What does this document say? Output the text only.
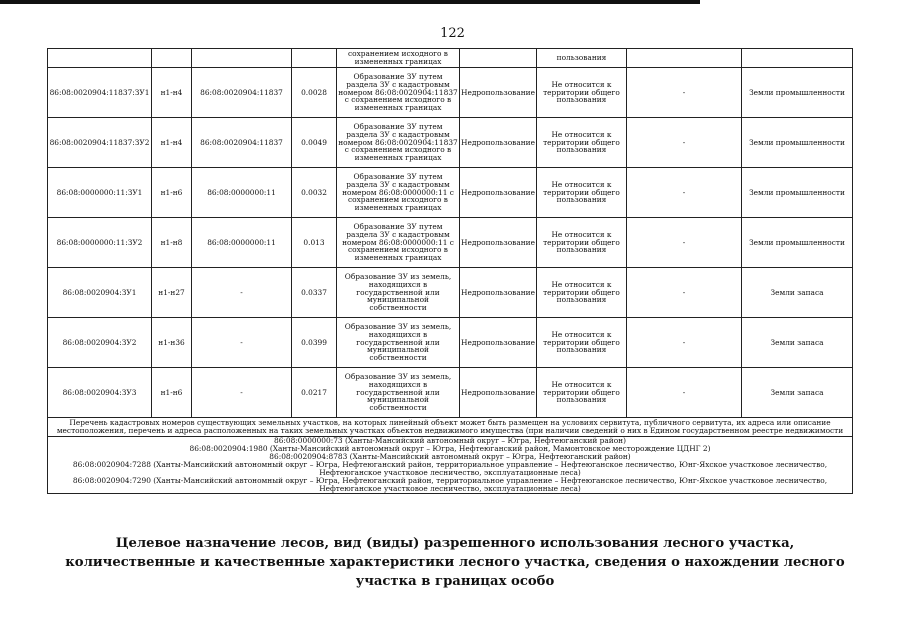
122
				сохранением исходного в измененных границах		пользования		
86:08:0020904:11837:ЗУ1	н1-н4	86:08:0020904:11837	0.0028	Образование ЗУ путем раздела ЗУ с кадастровым номером 86:08:0020904:11837 с сохранением исходного в измененных границах	Недропользование	Не относится к территории общего пользования	-	Земли промышленности
86:08:0020904:11837:ЗУ2	н1-н4	86:08:0020904:11837	0.0049	Образование ЗУ путем раздела ЗУ с кадастровым номером 86:08:0020904:11837 с сохранением исходного в измененных границах	Недропользование	Не относится к территории общего пользования	-	Земли промышленности
86:08:0000000:11:ЗУ1	н1-н6	86:08:0000000:11	0.0032	Образование ЗУ путем раздела ЗУ с кадастровым номером 86:08:0000000:11 с сохранением исходного в измененных границах	Недропользование	Не относится к территории общего пользования	-	Земли промышленности
86:08:0000000:11:ЗУ2	н1-н8	86:08:0000000:11	0.013	Образование ЗУ путем раздела ЗУ с кадастровым номером 86:08:0000000:11 с сохранением исходного в измененных границах	Недропользование	Не относится к территории общего пользования	-	Земли промышленности
86:08:0020904:ЗУ1	н1-н27	-	0.0337	Образование ЗУ из земель, находящихся в государственной или муниципальной собственности	Недропользование	Не относится к территории общего пользования	-	Земли запаса
86:08:0020904:ЗУ2	н1-н36	-	0.0399	Образование ЗУ из земель, находящихся в государственной или муниципальной собственности	Недропользование	Не относится к территории общего пользования	-	Земли запаса
86:08:0020904:ЗУ3	н1-н6	-	0.0217	Образование ЗУ из земель, находящихся в государственной или муниципальной собственности	Недропользование	Не относится к территории общего пользования	-	Земли запаса
Перечень кадастровых номеров существующих земельных участков, на которых линейный объект может быть размещен на условиях сервитута, публичного сервитута, их адреса или описание местоположения, перечень и адреса расположенных на таких земельных участках объектов недвижимого имущества (при наличии сведений о них в Едином государственном реестре недвижимости								

86:08:0000000:73 (Ханты-Мансийский автономный округ – Югра, Нефтеюганский район)
86:08:0020904:1980 (Ханты-Мансийский автономный округ – Югра, Нефтеюганский район, Мамонтовское месторождение ЦДНГ 2)
86:08:0020904:8783 (Ханты-Мансийский автономный округ – Югра, Нефтеюганский район)
86:08:0020904:7288 (Ханты-Мансийский автономный округ – Югра, Нефтеюганский район, территориальное управление – Нефтеюганское лесничество, Юнг-Яхское участковое лесничество, Нефтеюганское участковое лесничество, эксплуатационные леса)
86:08:0020904:7290 (Ханты-Мансийский автономный округ – Югра, Нефтеюганский район, территориальное управление – Нефтеюганское лесничество, Юнг-Яхское участковое лесничество, Нефтеюганское участковое лесничество, эксплуатационные леса)								
Целевое назначение лесов, вид (виды) разрешенного использования лесного участка, количественные и качественные характеристики лесного участка, сведения о нахождении лесного участка в границах особо
